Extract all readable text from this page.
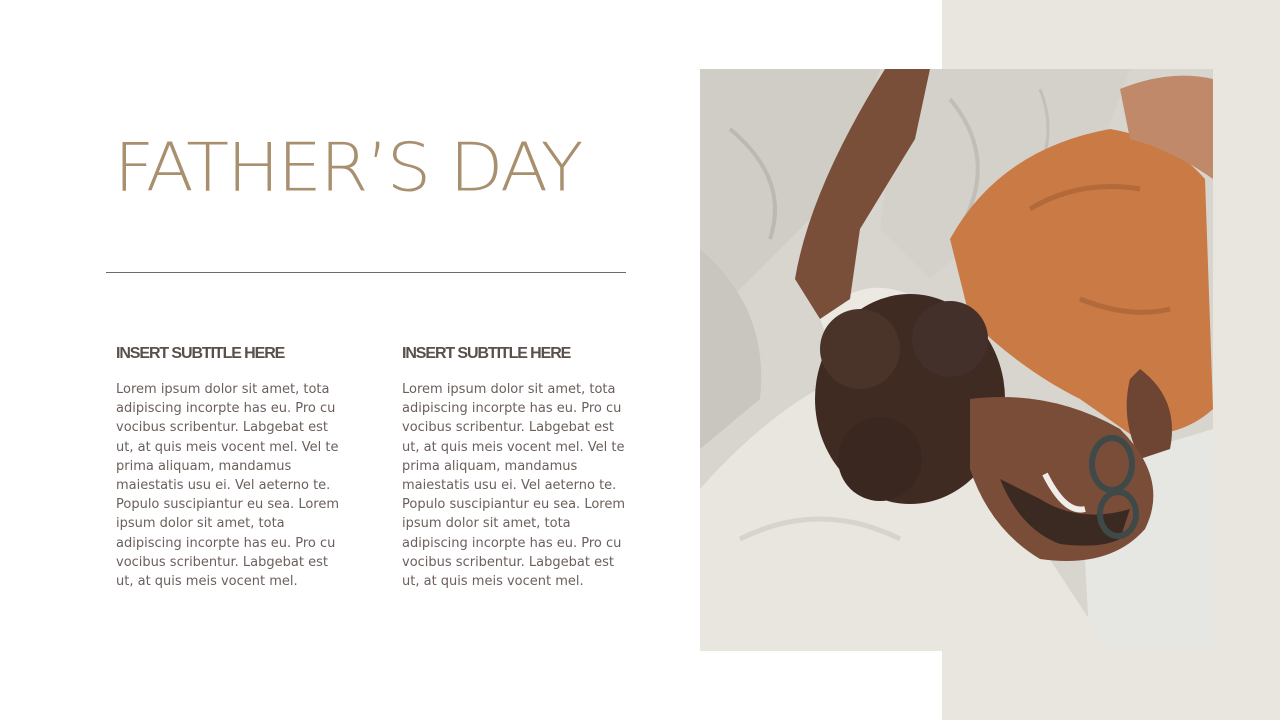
FATHER’S DAY

INSERT SUBTITLE HERE

Lorem ipsum dolor sit amet, tota adipiscing incorpte has eu. Pro cu vocibus scribentur. Labgebat est ut, at quis meis vocent mel. Vel te prima aliquam, mandamus maiestatis usu ei. Vel aeterno te. Populo suscipiantur eu sea. Lorem ipsum dolor sit amet, tota adipiscing incorpte has eu. Pro cu vocibus scribentur. Labgebat est ut, at quis meis vocent mel.

INSERT SUBTITLE HERE

Lorem ipsum dolor sit amet, tota adipiscing incorpte has eu. Pro cu vocibus scribentur. Labgebat est ut, at quis meis vocent mel. Vel te prima aliquam, mandamus maiestatis usu ei. Vel aeterno te. Populo suscipiantur eu sea. Lorem ipsum dolor sit amet, tota adipiscing incorpte has eu. Pro cu vocibus scribentur. Labgebat est ut, at quis meis vocent mel.
